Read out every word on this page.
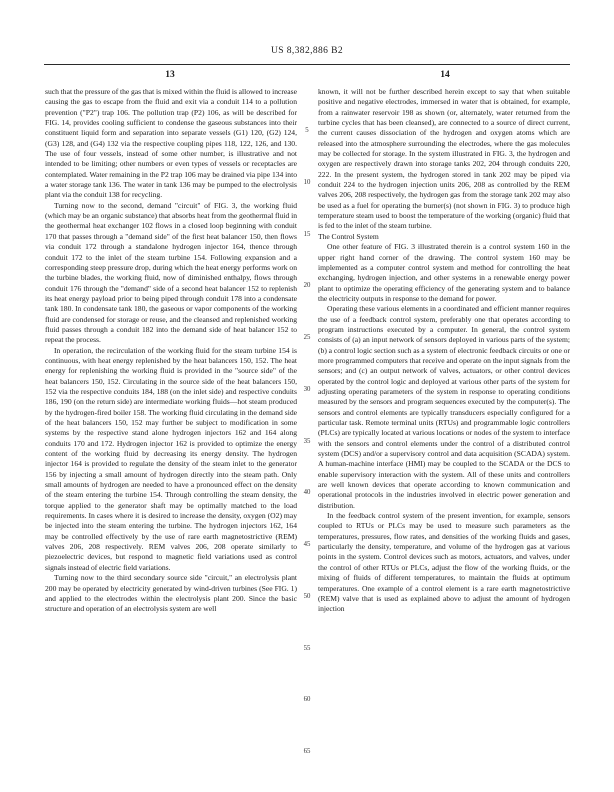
US 8,382,886 B2
13	14

such that the pressure of the gas that is mixed within the fluid is allowed to increase causing the gas to escape from the fluid and exit via a conduit 114 to a pollution prevention ("P2") trap 106. The pollution trap (P2) 106, as will be described for FIG. 14, provides cooling sufficient to condense the gaseous substances into their constituent liquid form and separation into separate vessels (G1) 120, (G2) 124, (G3) 128, and (G4) 132 via the respective coupling pipes 118, 122, 126, and 130. The use of four vessels, instead of some other number, is illustrative and not intended to be limiting; other numbers or even types of vessels or receptacles are contemplated. Water remaining in the P2 trap 106 may be drained via pipe 134 into a water storage tank 136. The water in tank 136 may be pumped to the electrolysis plant via the conduit 138 for recycling.

Turning now to the second, demand "circuit" of FIG. 3, the working fluid (which may be an organic substance) that absorbs heat from the geothermal fluid in the geothermal heat exchanger 102 flows in a closed loop beginning with conduit 170 that passes through a "demand side" of the first heat balancer 150, then flows via conduit 172 through a standalone hydrogen injector 164, thence through conduit 172 to the inlet of the steam turbine 154. Following expansion and a corresponding steep pressure drop, during which the heat energy performs work on the turbine blades, the working fluid, now of diminished enthalpy, flows through conduit 176 through the "demand" side of a second heat balancer 152 to replenish its heat energy payload prior to being piped through conduit 178 into a condensate tank 180. In condensate tank 180, the gaseous or vapor components of the working fluid are condensed for storage or reuse, and the cleansed and replenished working fluid passes through a conduit 182 into the demand side of heat balancer 152 to repeat the process.

In operation, the recirculation of the working fluid for the steam turbine 154 is continuous, with heat energy replenished by the heat balancers 150, 152. The heat energy for replenishing the working fluid is provided in the "source side" of the heat balancers 150, 152. Circulating in the source side of the heat balancers 150, 152 via the respective conduits 184, 188 (on the inlet side) and respective conduits 186, 190 (on the return side) are intermediate working fluids—hot steam produced by the hydrogen-fired boiler 158. The working fluid circulating in the demand side of the heat balancers 150, 152 may further be subject to modification in some systems by the respective stand alone hydrogen injectors 162 and 164 along conduits 170 and 172. Hydrogen injector 162 is provided to optimize the energy content of the working fluid by decreasing its energy density. The hydrogen injector 164 is provided to regulate the density of the steam inlet to the generator 156 by injecting a small amount of hydrogen directly into the steam path. Only small amounts of hydrogen are needed to have a pronounced effect on the density of the steam entering the turbine 154. Through controlling the steam density, the torque applied to the generator shaft may be optimally matched to the load requirements. In cases where it is desired to increase the density, oxygen (O2) may be injected into the steam entering the turbine. The hydrogen injectors 162, 164 may be controlled effectively by the use of rare earth magnetostrictive (REM) valves 206, 208 respectively. REM valves 206, 208 operate similarly to piezoelectric devices, but respond to magnetic field variations used as control signals instead of electric field variations.

Turning now to the third secondary source side "circuit," an electrolysis plant 200 may be operated by electricity generated by wind-driven turbines (See FIG. 1) and applied to the electrodes within the electrolysis plant 200. Since the basic structure and operation of an electrolysis system are well

5
10
15
20
25
30
35
40
45
50
55
60
65

known, it will not be further described herein except to say that when suitable positive and negative electrodes, immersed in water that is obtained, for example, from a rainwater reservoir 198 as shown (or, alternately, water returned from the turbine cycles that has been cleansed), are connected to a source of direct current, the current causes dissociation of the hydrogen and oxygen atoms which are released into the atmosphere surrounding the electrodes, where the gas molecules may be collected for storage. In the system illustrated in FIG. 3, the hydrogen and oxygen are respectively drawn into storage tanks 202, 204 through conduits 220, 222. In the present system, the hydrogen stored in tank 202 may be piped via conduit 224 to the hydrogen injection units 206, 208 as controlled by the REM valves 206, 208 respectively, the hydrogen gas from the storage tank 202 may also be used as a fuel for operating the burner(s) (not shown in FIG. 3) to produce high temperature steam used to boost the temperature of the working (organic) fluid that is fed to the inlet of the steam turbine.

The Control System

One other feature of FIG. 3 illustrated therein is a control system 160 in the upper right hand corner of the drawing. The control system 160 may be implemented as a computer control system and method for controlling the heat exchanging, hydrogen injection, and other systems in a renewable energy power plant to optimize the operating efficiency of the generating system and to balance the electricity outputs in response to the demand for power.

Operating these various elements in a coordinated and efficient manner requires the use of a feedback control system, preferably one that operates according to program instructions executed by a computer. In general, the control system consists of (a) an input network of sensors deployed in various parts of the system; (b) a control logic section such as a system of electronic feedback circuits or one or more programmed computers that receive and operate on the input signals from the sensors; and (c) an output network of valves, actuators, or other control devices operated by the control logic and deployed at various other parts of the system for adjusting operating parameters of the system in response to operating conditions measured by the sensors and program sequences executed by the computer(s). The sensors and control elements are typically transducers especially configured for a particular task. Remote terminal units (RTUs) and programmable logic controllers (PLCs) are typically located at various locations or nodes of the system to interface with the sensors and control elements under the control of a distributed control system (DCS) and/or a supervisory control and data acquisition (SCADA) system. A human-machine interface (HMI) may be coupled to the SCADA or the DCS to enable supervisory interaction with the system. All of these units and controllers are well known devices that operate according to known communication and operational protocols in the industries involved in electric power generation and distribution.

In the feedback control system of the present invention, for example, sensors coupled to RTUs or PLCs may be used to measure such parameters as the temperatures, pressures, flow rates, and densities of the working fluids and gases, particularly the density, temperature, and volume of the hydrogen gas at various points in the system. Control devices such as motors, actuators, and valves, under the control of other RTUs or PLCs, adjust the flow of the working fluids, or the mixing of fluids of different temperatures, to maintain the fluids at optimum temperatures. One example of a control element is a rare earth magnetostrictive (REM) valve that is used as explained above to adjust the amount of hydrogen injection
